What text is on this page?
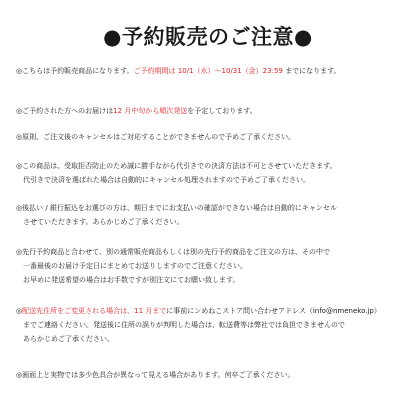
●予約販売のご注意●
◎こちらは予約販売商品になります。ご予約期間は 10/1（水）〜10/31（金）23:59 までになります。
◎ご予約された方へのお届けは12 月中旬から順次発送を予定しております。
◎原則、ご注文後のキャンセルはご対応することができませんので予めご了承ください。
◎この商品は、受取拒否防止のため誠に勝手ながら代引きでの決済方法は不可とさせていただきます。
代引きで決済を選ばれた場合は自動的にキャンセル処理されますので予めご了承ください。
◎後払い / 銀行振込をお選びの方は、期日までにお支払いの確認ができない場合は自動的にキャンセル
させていただきます。あらかじめご了承ください。
◎先行予約商品と合わせて、別の通常販売商品もしくは別の先行予約商品をご注文の方は、その中で
一番最後のお届け予定日にまとめてお送りしますのでご注意ください。
お早めに発送希望の場合はお手数ですが別注文にてお願い致します。
◎配送先住所をご変更される場合は、11 月までに事前にンめねこストア問い合わせアドレス（info@nmeneko.jp）
までご連絡ください。発送後に住所の誤りが判明した場合は、転送費等は弊社では負担できませんので
あらかじめご了承ください。
◎画面上と実物では多少色具合が異なって見える場合があります。何卒ご了承ください。
